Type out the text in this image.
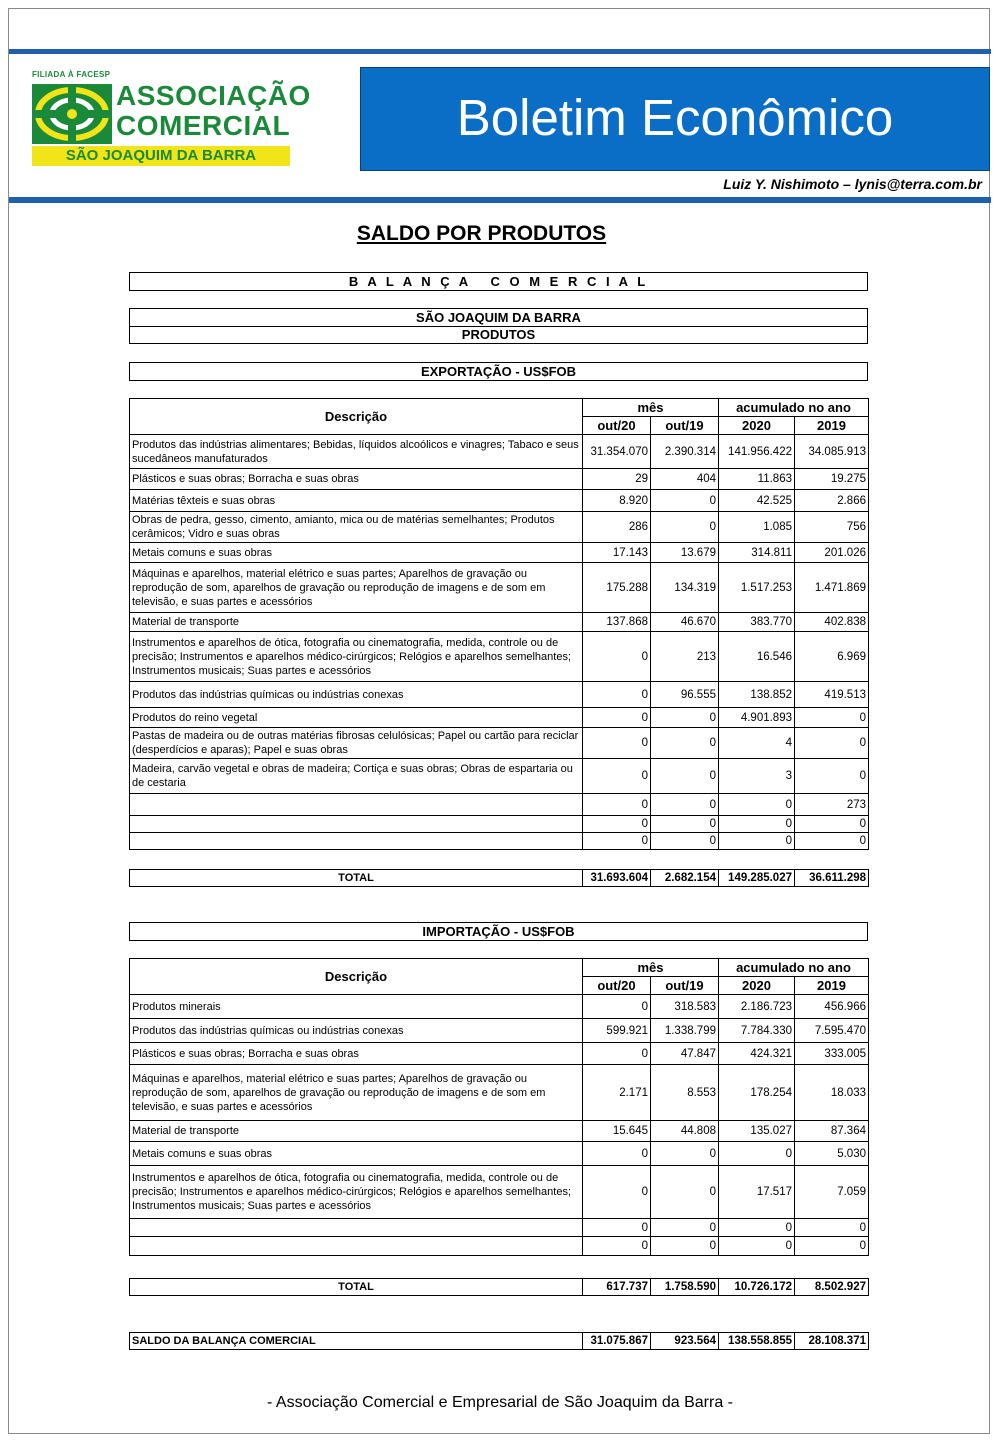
FILIADA À FACESP
ASSOCIAÇÃO
COMERCIAL
SÃO JOAQUIM DA BARRA
Boletim Econômico
Luiz Y. Nishimoto – lynis@terra.com.br
SALDO POR PRODUTOS
B A L A N Ç A   C O M E R C I A L
SÃO JOAQUIM DA BARRA
PRODUTOS
EXPORTAÇÃO - US$FOB
Descrição	mês		acumulado no ano	
	out/20	out/19	2020	2019
Produtos das indústrias alimentares; Bebidas, líquidos alcoólicos e vinagres; Tabaco e seus sucedâneos manufaturados	31.354.070	2.390.314	141.956.422	34.085.913
Plásticos e suas obras; Borracha e suas obras	29	404	11.863	19.275
Matérias têxteis e suas obras	8.920	0	42.525	2.866
Obras de pedra, gesso, cimento, amianto, mica ou de matérias semelhantes; Produtos cerâmicos; Vidro e suas obras	286	0	1.085	756
Metais comuns e suas obras	17.143	13.679	314.811	201.026
Máquinas e aparelhos, material elétrico e suas partes; Aparelhos de gravação ou reprodução de som, aparelhos de gravação ou reprodução de imagens e de som em televisão, e suas partes e acessórios	175.288	134.319	1.517.253	1.471.869
Material de transporte	137.868	46.670	383.770	402.838
Instrumentos e aparelhos de ótica, fotografia ou cinematografia, medida, controle ou de precisão; Instrumentos e aparelhos médico-cirúrgicos; Relógios e aparelhos semelhantes; Instrumentos musicais; Suas partes e acessórios	0	213	16.546	6.969
Produtos das indústrias químicas ou indústrias conexas	0	96.555	138.852	419.513
Produtos do reino vegetal	0	0	4.901.893	0
Pastas de madeira ou de outras matérias fibrosas celulósicas; Papel ou cartão para reciclar (desperdícios e aparas); Papel e suas obras	0	0	4	0
Madeira, carvão vegetal e obras de madeira; Cortiça e suas obras; Obras de espartaria ou de cestaria	0	0	3	0
	0	0	0	273
	0	0	0	0
	0	0	0	0
TOTAL	31.693.604	2.682.154	149.285.027	36.611.298
IMPORTAÇÃO - US$FOB
Descrição	mês		acumulado no ano	
	out/20	out/19	2020	2019
Produtos minerais	0	318.583	2.186.723	456.966
Produtos das indústrias químicas ou indústrias conexas	599.921	1.338.799	7.784.330	7.595.470
Plásticos e suas obras; Borracha e suas obras	0	47.847	424.321	333.005
Máquinas e aparelhos, material elétrico e suas partes; Aparelhos de gravação ou reprodução de som, aparelhos de gravação ou reprodução de imagens e de som em televisão, e suas partes e acessórios	2.171	8.553	178.254	18.033
Material de transporte	15.645	44.808	135.027	87.364
Metais comuns e suas obras	0	0	0	5.030
Instrumentos e aparelhos de ótica, fotografia ou cinematografia, medida, controle ou de precisão; Instrumentos e aparelhos médico-cirúrgicos; Relógios e aparelhos semelhantes; Instrumentos musicais; Suas partes e acessórios	0	0	17.517	7.059
	0	0	0	0
	0	0	0	0
TOTAL	617.737	1.758.590	10.726.172	8.502.927
SALDO DA BALANÇA COMERCIAL	31.075.867	923.564	138.558.855	28.108.371
- Associação Comercial e Empresarial de São Joaquim da Barra -
